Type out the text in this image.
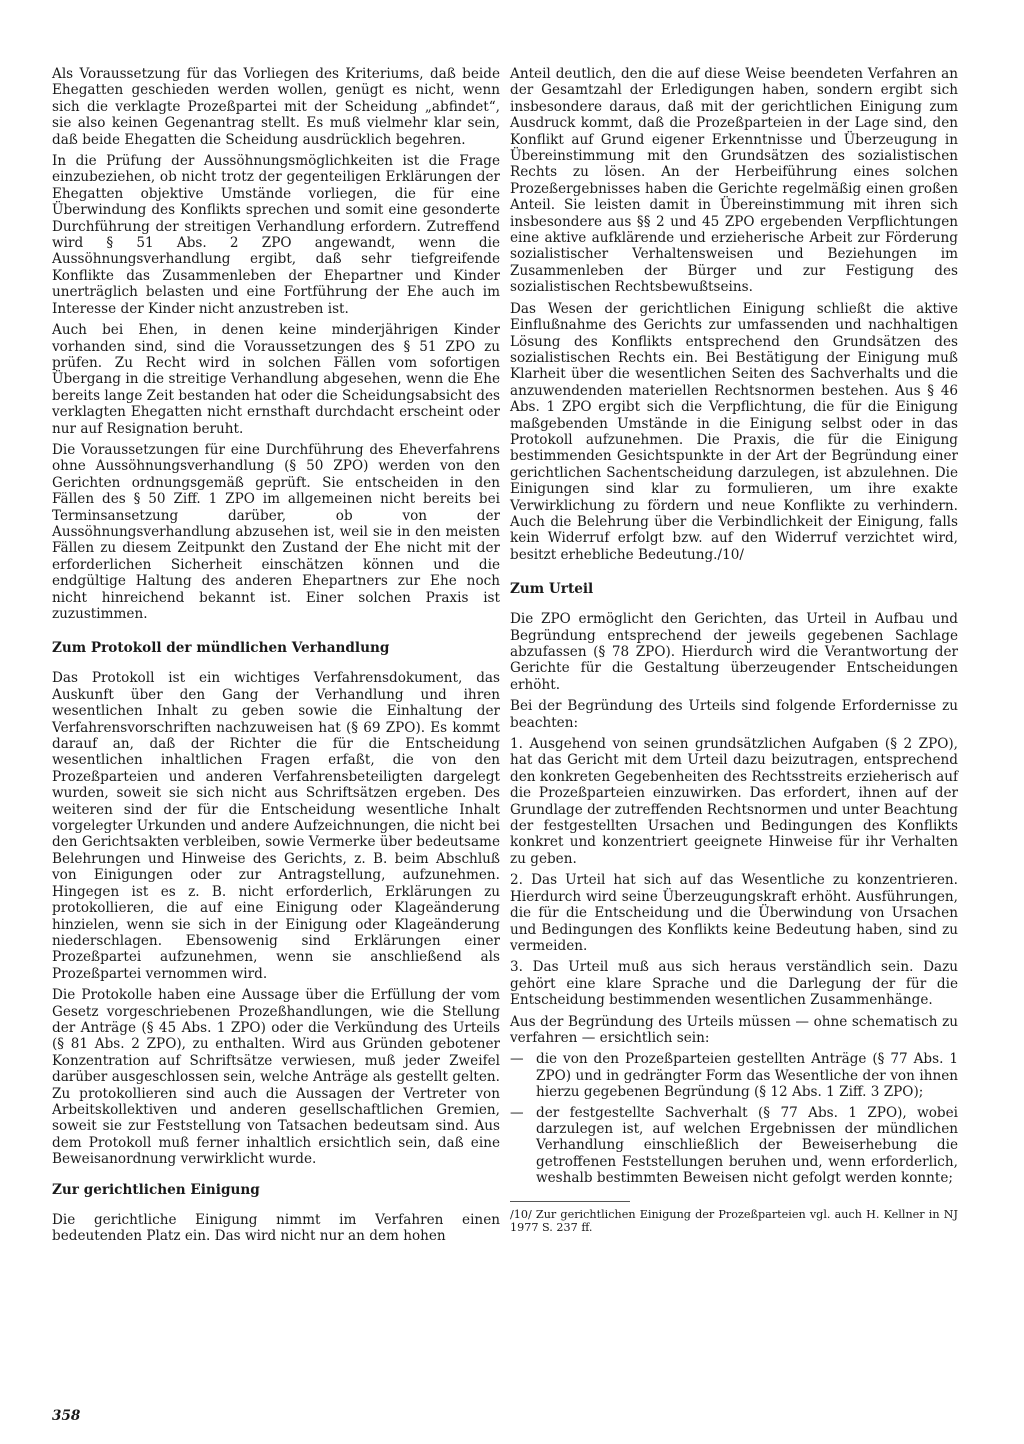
Als Voraussetzung für das Vorliegen des Kriteriums, daß beide Ehegatten geschieden werden wollen, genügt es nicht, wenn sich die verklagte Prozeßpartei mit der Scheidung „abfindet“, sie also keinen Gegenantrag stellt. Es muß vielmehr klar sein, daß beide Ehegatten die Scheidung ausdrücklich begehren.

In die Prüfung der Aussöhnungsmöglichkeiten ist die Frage einzubeziehen, ob nicht trotz der gegenteiligen Erklärungen der Ehegatten objektive Umstände vorliegen, die für eine Überwindung des Konflikts sprechen und somit eine gesonderte Durchführung der streitigen Verhandlung erfordern. Zutreffend wird § 51 Abs. 2 ZPO angewandt, wenn die Aussöhnungsverhandlung ergibt, daß sehr tiefgreifende Konflikte das Zusammenleben der Ehepartner und Kinder unerträglich belasten und eine Fortführung der Ehe auch im Interesse der Kinder nicht anzustreben ist.

Auch bei Ehen, in denen keine minderjährigen Kinder vorhanden sind, sind die Voraussetzungen des § 51 ZPO zu prüfen. Zu Recht wird in solchen Fällen vom sofortigen Übergang in die streitige Verhandlung abgesehen, wenn die Ehe bereits lange Zeit bestanden hat oder die Scheidungsabsicht des verklagten Ehegatten nicht ernsthaft durchdacht erscheint oder nur auf Resignation beruht.

Die Voraussetzungen für eine Durchführung des Eheverfahrens ohne Aussöhnungsverhandlung (§ 50 ZPO) werden von den Gerichten ordnungsgemäß geprüft. Sie entscheiden in den Fällen des § 50 Ziff. 1 ZPO im allgemeinen nicht bereits bei Terminsansetzung darüber, ob von der Aussöhnungsverhandlung abzusehen ist, weil sie in den meisten Fällen zu diesem Zeitpunkt den Zustand der Ehe nicht mit der erforderlichen Sicherheit einschätzen können und die endgültige Haltung des anderen Ehepartners zur Ehe noch nicht hinreichend bekannt ist. Einer solchen Praxis ist zuzustimmen.

Zum Protokoll der mündlichen Verhandlung

Das Protokoll ist ein wichtiges Verfahrensdokument, das Auskunft über den Gang der Verhandlung und ihren wesentlichen Inhalt zu geben sowie die Einhaltung der Verfahrensvorschriften nachzuweisen hat (§ 69 ZPO). Es kommt darauf an, daß der Richter die für die Entscheidung wesentlichen inhaltlichen Fragen erfaßt, die von den Prozeßparteien und anderen Verfahrensbeteiligten dargelegt wurden, soweit sie sich nicht aus Schriftsätzen ergeben. Des weiteren sind der für die Entscheidung wesentliche Inhalt vorgelegter Urkunden und andere Aufzeichnungen, die nicht bei den Gerichtsakten verbleiben, sowie Vermerke über bedeutsame Belehrungen und Hinweise des Gerichts, z. B. beim Abschluß von Einigungen oder zur Antragstellung, aufzunehmen. Hingegen ist es z. B. nicht erforderlich, Erklärungen zu protokollieren, die auf eine Einigung oder Klageänderung hinzielen, wenn sie sich in der Einigung oder Klageänderung niederschlagen. Ebensowenig sind Erklärungen einer Prozeßpartei aufzunehmen, wenn sie anschließend als Prozeßpartei vernommen wird.

Die Protokolle haben eine Aussage über die Erfüllung der vom Gesetz vorgeschriebenen Prozeßhandlungen, wie die Stellung der Anträge (§ 45 Abs. 1 ZPO) oder die Verkündung des Urteils (§ 81 Abs. 2 ZPO), zu enthalten. Wird aus Gründen gebotener Konzentration auf Schriftsätze verwiesen, muß jeder Zweifel darüber ausgeschlossen sein, welche Anträge als gestellt gelten. Zu protokollieren sind auch die Aussagen der Vertreter von Arbeitskollektiven und anderen gesellschaftlichen Gremien, soweit sie zur Feststellung von Tatsachen bedeutsam sind. Aus dem Protokoll muß ferner inhaltlich ersichtlich sein, daß eine Beweisanordnung verwirklicht wurde.

Zur gerichtlichen Einigung

Die gerichtliche Einigung nimmt im Verfahren einen bedeutenden Platz ein. Das wird nicht nur an dem hohen

Anteil deutlich, den die auf diese Weise beendeten Verfahren an der Gesamtzahl der Erledigungen haben, sondern ergibt sich insbesondere daraus, daß mit der gerichtlichen Einigung zum Ausdruck kommt, daß die Prozeßparteien in der Lage sind, den Konflikt auf Grund eigener Erkenntnisse und Überzeugung in Übereinstimmung mit den Grundsätzen des sozialistischen Rechts zu lösen. An der Herbeiführung eines solchen Prozeßergebnisses haben die Gerichte regelmäßig einen großen Anteil. Sie leisten damit in Übereinstimmung mit ihren sich insbesondere aus §§ 2 und 45 ZPO ergebenden Verpflichtungen eine aktive aufklärende und erzieherische Arbeit zur Förderung sozialistischer Verhaltensweisen und Beziehungen im Zusammenleben der Bürger und zur Festigung des sozialistischen Rechtsbewußtseins.

Das Wesen der gerichtlichen Einigung schließt die aktive Einflußnahme des Gerichts zur umfassenden und nachhaltigen Lösung des Konflikts entsprechend den Grundsätzen des sozialistischen Rechts ein. Bei Bestätigung der Einigung muß Klarheit über die wesentlichen Seiten des Sachverhalts und die anzuwendenden materiellen Rechtsnormen bestehen. Aus § 46 Abs. 1 ZPO ergibt sich die Verpflichtung, die für die Einigung maßgebenden Umstände in die Einigung selbst oder in das Protokoll aufzunehmen. Die Praxis, die für die Einigung bestimmenden Gesichtspunkte in der Art der Begründung einer gerichtlichen Sachentscheidung darzulegen, ist abzulehnen. Die Einigungen sind klar zu formulieren, um ihre exakte Verwirklichung zu fördern und neue Konflikte zu verhindern. Auch die Belehrung über die Verbindlichkeit der Einigung, falls kein Widerruf erfolgt bzw. auf den Widerruf verzichtet wird, besitzt erhebliche Bedeutung./10/

Zum Urteil

Die ZPO ermöglicht den Gerichten, das Urteil in Aufbau und Begründung entsprechend der jeweils gegebenen Sachlage abzufassen (§ 78 ZPO). Hierdurch wird die Verantwortung der Gerichte für die Gestaltung überzeugender Entscheidungen erhöht.

Bei der Begründung des Urteils sind folgende Erfordernisse zu beachten:

1. Ausgehend von seinen grundsätzlichen Aufgaben (§ 2 ZPO), hat das Gericht mit dem Urteil dazu beizutragen, entsprechend den konkreten Gegebenheiten des Rechtsstreits erzieherisch auf die Prozeßparteien einzuwirken. Das erfordert, ihnen auf der Grundlage der zutreffenden Rechtsnormen und unter Beachtung der festgestellten Ursachen und Bedingungen des Konflikts konkret und konzentriert geeignete Hinweise für ihr Verhalten zu geben.

2. Das Urteil hat sich auf das Wesentliche zu konzentrieren. Hierdurch wird seine Überzeugungskraft erhöht. Ausführungen, die für die Entscheidung und die Überwindung von Ursachen und Bedingungen des Konflikts keine Bedeutung haben, sind zu vermeiden.

3. Das Urteil muß aus sich heraus verständlich sein. Dazu gehört eine klare Sprache und die Darlegung der für die Entscheidung bestimmenden wesentlichen Zusammenhänge.

Aus der Begründung des Urteils müssen — ohne schematisch zu verfahren — ersichtlich sein:

— die von den Prozeßparteien gestellten Anträge (§ 77 Abs. 1 ZPO) und in gedrängter Form das Wesentliche der von ihnen hierzu gegebenen Begründung (§ 12 Abs. 1 Ziff. 3 ZPO);
— der festgestellte Sachverhalt (§ 77 Abs. 1 ZPO), wobei darzulegen ist, auf welchen Ergebnissen der mündlichen Verhandlung einschließlich der Beweiserhebung die getroffenen Feststellungen beruhen und, wenn erforderlich, weshalb bestimmten Beweisen nicht gefolgt werden konnte;

/10/ Zur gerichtlichen Einigung der Prozeßparteien vgl. auch H. Kellner in NJ 1977 S. 237 ff.

358
